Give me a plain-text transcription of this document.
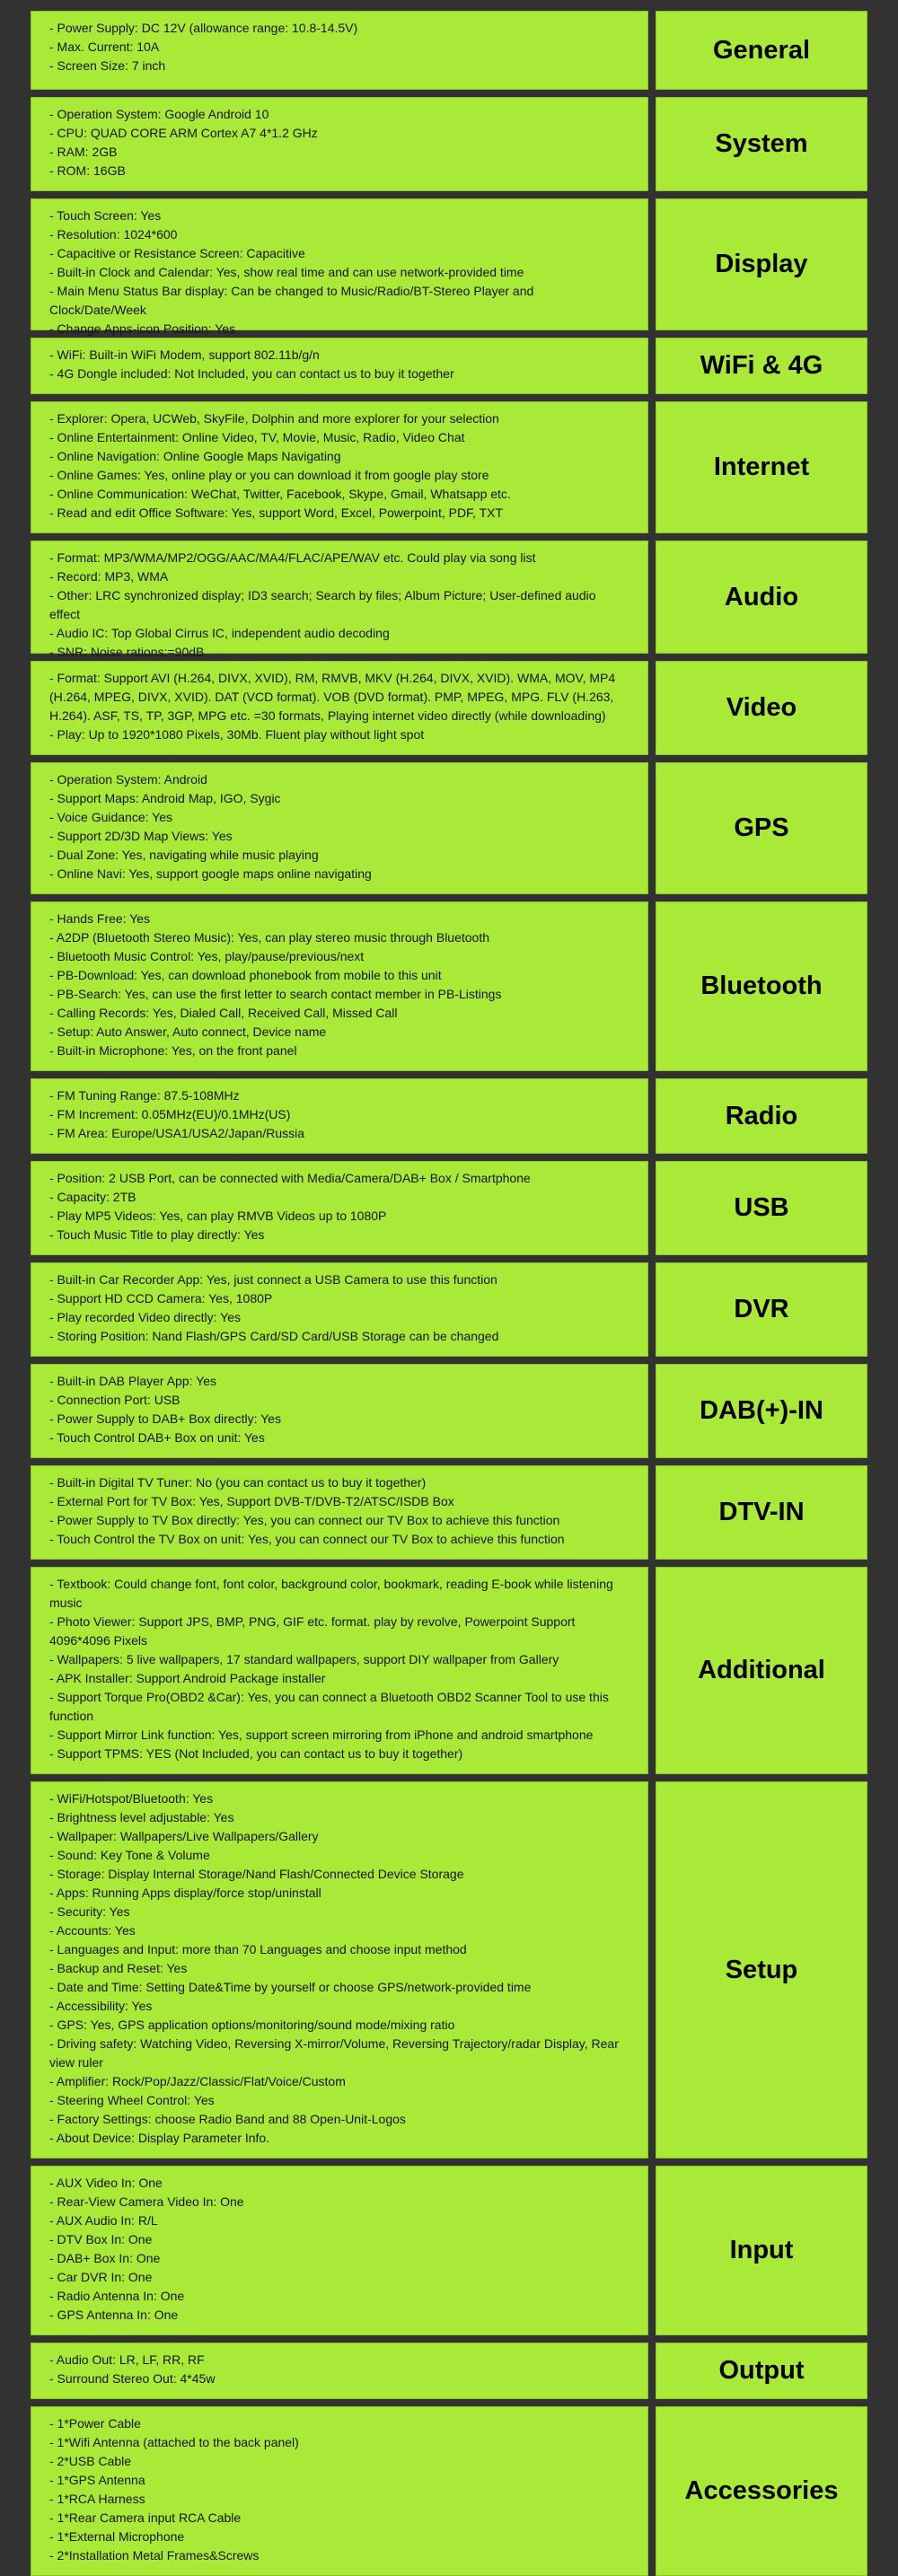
- Power Supply: DC 12V (allowance range: 10.8-14.5V)
- Max. Current: 10A
- Screen Size: 7 inch
General
- Operation System: Google Android 10
- CPU: QUAD CORE ARM Cortex A7 4*1.2 GHz
- RAM: 2GB
- ROM: 16GB
System
- Touch Screen: Yes
- Resolution: 1024*600
- Capacitive or Resistance Screen: Capacitive
- Built-in Clock and Calendar: Yes, show real time and can use network-provided time
- Main Menu Status Bar display: Can be changed to Music/Radio/BT-Stereo Player and Clock/Date/Week
- Change Apps-icon Position: Yes
Display
- WiFi: Built-in WiFi Modem, support 802.11b/g/n
- 4G Dongle included: Not Included, you can contact us to buy it together	WiFi & 4G
- Explorer: Opera, UCWeb, SkyFile, Dolphin and more explorer for your selection
- Online Entertainment: Online Video, TV, Movie, Music, Radio, Video Chat
- Online Navigation: Online Google Maps Navigating
- Online Games: Yes, online play or you can download it from google play store
- Online Communication: WeChat, Twitter, Facebook, Skype, Gmail, Whatsapp etc.
- Read and edit Office Software: Yes, support Word, Excel, Powerpoint, PDF, TXT
Internet
- Format: MP3/WMA/MP2/OGG/AAC/MA4/FLAC/APE/WAV etc. Could play via song list
- Record: MP3, WMA
- Other: LRC synchronized display; ID3 search; Search by files; Album Picture; User-defined audio effect
- Audio IC: Top Global Cirrus IC, independent audio decoding
- SNR: Noise rations:=90dB
Audio
- Format: Support AVI (H.264, DIVX, XVID), RM, RMVB, MKV (H.264, DIVX, XVID). WMA, MOV, MP4 (H.264, MPEG, DIVX, XVID). DAT (VCD format). VOB (DVD format). PMP, MPEG, MPG. FLV (H.263, H.264). ASF, TS, TP, 3GP, MPG etc. =30 formats, Playing internet video directly (while downloading)
- Play: Up to 1920*1080 Pixels, 30Mb. Fluent play without light spot
Video
- Operation System: Android
- Support Maps: Android Map, IGO, Sygic
- Voice Guidance: Yes
- Support 2D/3D Map Views: Yes
- Dual Zone: Yes, navigating while music playing
- Online Navi: Yes, support google maps online navigating
GPS
- Hands Free: Yes
- A2DP (Bluetooth Stereo Music): Yes, can play stereo music through Bluetooth
- Bluetooth Music Control: Yes, play/pause/previous/next
- PB-Download: Yes, can download phonebook from mobile to this unit
- PB-Search: Yes, can use the first letter to search contact member in PB-Listings
- Calling Records: Yes, Dialed Call, Received Call, Missed Call
- Setup: Auto Answer, Auto connect, Device name
- Built-in Microphone: Yes, on the front panel
Bluetooth
- FM Tuning Range: 87.5-108MHz
- FM Increment: 0.05MHz(EU)/0.1MHz(US)
- FM Area: Europe/USA1/USA2/Japan/Russia
Radio
- Position: 2 USB Port, can be connected with Media/Camera/DAB+ Box / Smartphone
- Capacity: 2TB
- Play MP5 Videos: Yes, can play RMVB Videos up to 1080P
- Touch Music Title to play directly: Yes
USB
- Built-in Car Recorder App: Yes, just connect a USB Camera to use this function
- Support HD CCD Camera: Yes, 1080P
- Play recorded Video directly: Yes
- Storing Position: Nand Flash/GPS Card/SD Card/USB Storage can be changed
DVR
- Built-in DAB Player App: Yes
- Connection Port: USB
- Power Supply to DAB+ Box directly: Yes
- Touch Control DAB+ Box on unit: Yes
DAB(+)-IN
- Built-in Digital TV Tuner: No (you can contact us to buy it together)
- External Port for TV Box: Yes, Support DVB-T/DVB-T2/ATSC/ISDB Box
- Power Supply to TV Box directly: Yes, you can connect our TV Box to achieve this function
- Touch Control the TV Box on unit: Yes, you can connect our TV Box to achieve this function
DTV-IN
- Textbook: Could change font, font color, background color, bookmark, reading E-book while listening music
- Photo Viewer: Support JPS, BMP, PNG, GIF etc. format. play by revolve, Powerpoint Support 4096*4096 Pixels
- Wallpapers: 5 live wallpapers, 17 standard wallpapers, support DIY wallpaper from Gallery
- APK Installer: Support Android Package installer
- Support Torque Pro(OBD2 &Car): Yes, you can connect a Bluetooth OBD2 Scanner Tool to use this function
- Support Mirror Link function: Yes, support screen mirroring from iPhone and android smartphone
- Support TPMS: YES (Not Included, you can contact us to buy it together)
Additional
- WiFi/Hotspot/Bluetooth: Yes
- Brightness level adjustable: Yes
- Wallpaper: Wallpapers/Live Wallpapers/Gallery
- Sound: Key Tone & Volume
- Storage: Display Internal Storage/Nand Flash/Connected Device Storage
- Apps: Running Apps display/force stop/uninstall
- Security: Yes
- Accounts: Yes
- Languages and Input: more than 70 Languages and choose input method
- Backup and Reset: Yes
- Date and Time: Setting Date&Time by yourself or choose GPS/network-provided time
- Accessibility: Yes
- GPS: Yes, GPS application options/monitoring/sound mode/mixing ratio
- Driving safety: Watching Video, Reversing X-mirror/Volume, Reversing Trajectory/radar Display, Rear view ruler
- Amplifier: Rock/Pop/Jazz/Classic/Flat/Voice/Custom
- Steering Wheel Control: Yes
- Factory Settings: choose Radio Band and 88 Open-Unit-Logos
- About Device: Display Parameter Info.
Setup
- AUX Video In: One
- Rear-View Camera Video In: One
- AUX Audio In: R/L
- DTV Box In: One
- DAB+ Box In: One
- Car DVR In: One
- Radio Antenna In: One
- GPS Antenna In: One
Input
- Audio Out: LR, LF, RR, RF
- Surround Stereo Out: 4*45w	Output
- 1*Power Cable
- 1*Wifi Antenna (attached to the back panel)
- 2*USB Cable
- 1*GPS Antenna
- 1*RCA Harness
- 1*Rear Camera input RCA Cable
- 1*External Microphone
- 2*Installation Metal Frames&Screws
Accessories
